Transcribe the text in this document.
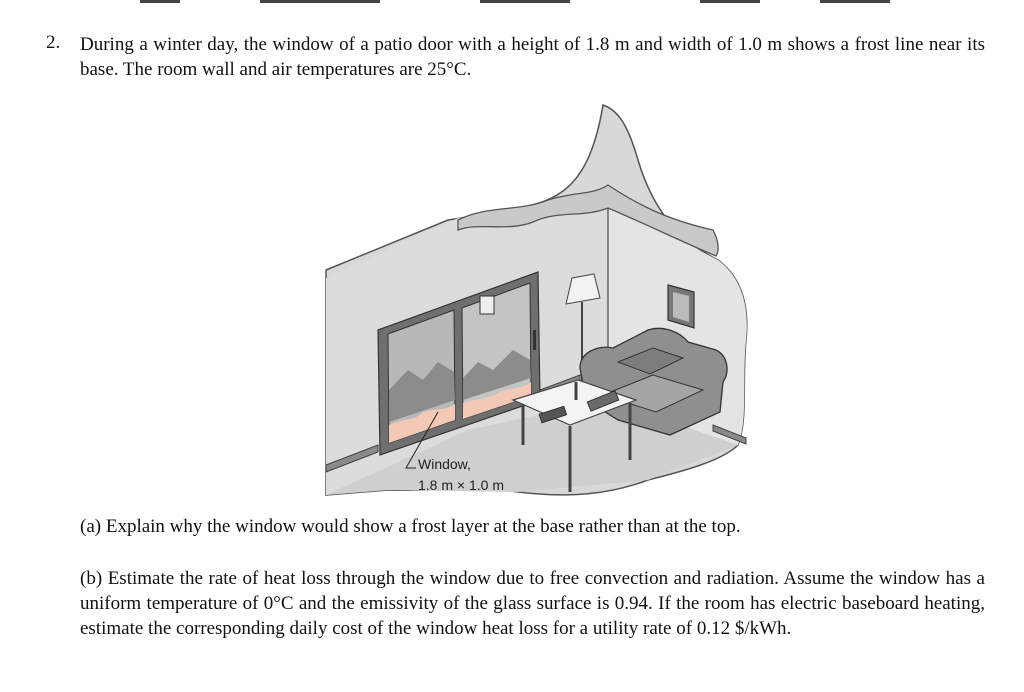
2. During a winter day, the window of a patio door with a height of 1.8 m and width of 1.0 m shows a frost line near its base. The room wall and air temperatures are 25°C.
Window,
1.8 m × 1.0 m
(a) Explain why the window would show a frost layer at the base rather than at the top.
(b) Estimate the rate of heat loss through the window due to free convection and radiation. Assume the window has a uniform temperature of 0°C and the emissivity of the glass surface is 0.94. If the room has electric baseboard heating, estimate the corresponding daily cost of the window heat loss for a utility rate of 0.12 $/kWh.
